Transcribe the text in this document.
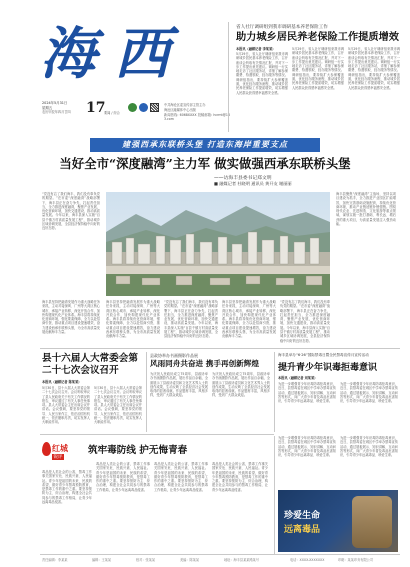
海西
2024年5月31日
星期五
农历甲辰年四月廿四	17
要闻 / 综合
中共海沧区委宣传部主管主办
海沧区融媒体中心出版
新闻热线: 6068XXXX 投稿邮箱: hcrmt@163.com
省人社厅调研组到我市调研基本养老保险工作
助力城乡居民养老保险工作提质增效
本报讯（融媒记者 李某某）
5月29日，省人社厅调研组来我市调研城乡居民基本养老保险工作，召开座谈会听取有关情况汇报，并对下一步工作提出意见建议。调研组一行实地走访了社区服务站，详细了解参保缴费、待遇领取、经办服务等情况。调研组指出，要持续扩大参保覆盖面，优化经办服务流程，推动城乡居民养老保险工作提质增效，切实增强人民群众获得感幸福感安全感。
5月29日，省人社厅调研组来我市调研城乡居民基本养老保险工作，召开座谈会听取有关情况汇报，并对下一步工作提出意见建议。调研组一行实地走访了社区服务站，详细了解参保缴费、待遇领取、经办服务等情况。调研组指出，要持续扩大参保覆盖面，优化经办服务流程，推动城乡居民养老保险工作提质增效，切实增强人民群众获得感幸福感安全感。
5月29日，省人社厅调研组来我市调研城乡居民基本养老保险工作，召开座谈会听取有关情况汇报，并对下一步工作提出意见建议。调研组一行实地走访了社区服务站，详细了解参保缴费、待遇领取、经办服务等情况。调研组指出，要持续扩大参保覆盖面，优化经办服务流程，推动城乡居民养老保险工作提质增效，切实增强人民群众获得感幸福感安全感。
建强西承东联桥头堡 打造东海岸重要支点
当好全市“深度融湾”主力军 做实做强西承东联桥头堡
——访海丰县委书记郑文明
■ 融媒记者 杜晓明 通讯员 黄开友 谢丽丽
“党没有忘了我们海丰，我们没有辜负党的期望。”在市委“深度融湾”战略部署下，海丰县正在奋力争先，扛起责任担当，全力推进深度融湾，聚焦产业发展，优化营商环境，加快交通建设，推动高质量发展。今年以来，海丰县深入实施“百县千镇万村高质量发展工程”，推动城乡区域协调发展，全县经济保持稳中向好的良好态势。
海丰县坚持把融湾发展作为重大战略任务来抓，主动对接深圳、广州等大湾区核心城市，承接产业转移，深化开放合作，加快构建现代化产业体系。海丰县将持续优化营商环境，强化要素保障，全力以赴招商引资，推动重点项目建设提速增效，奋力建设西承东联桥头堡，为全市高质量发展贡献海丰力量。
海丰县坚持把融湾发展作为重大战略任务来抓，主动对接深圳、广州等大湾区核心城市，承接产业转移，深化开放合作，加快构建现代化产业体系。海丰县将持续优化营商环境，强化要素保障，全力以赴招商引资，推动重点项目建设提速增效，奋力建设西承东联桥头堡，为全市高质量发展贡献海丰力量。
“党没有忘了我们海丰，我们没有辜负党的期望。”在市委“深度融湾”战略部署下，海丰县正在奋力争先，扛起责任担当，全力推进深度融湾，聚焦产业发展，优化营商环境，加快交通建设，推动高质量发展。今年以来，海丰县深入实施“百县千镇万村高质量发展工程”，推动城乡区域协调发展，全县经济保持稳中向好的良好态势。
海丰县坚持把融湾发展作为重大战略任务来抓，主动对接深圳、广州等大湾区核心城市，承接产业转移，深化开放合作，加快构建现代化产业体系。海丰县将持续优化营商环境，强化要素保障，全力以赴招商引资，推动重点项目建设提速增效，奋力建设西承东联桥头堡，为全市高质量发展贡献海丰力量。
“党没有忘了我们海丰，我们没有辜负党的期望。”在市委“深度融湾”战略部署下，海丰县正在奋力争先，扛起责任担当，全力推进深度融湾，聚焦产业发展，优化营商环境，加快交通建设，推动高质量发展。今年以来，海丰县深入实施“百县千镇万村高质量发展工程”，推动城乡区域协调发展，全县经济保持稳中向好的良好态势。
海丰县聚焦“深度融湾”主战场，坚持以项目建设为抓手，全力推进产业园区扩能增效，加快完善基础设施配套，持续优化营商环境，推动产业链延链补链强链。围绕现代农业、先进制造、文化旅游等重点领域，谋划实施一批打基础、利长远、增后劲的重大项目，为高质量发展注入强劲动能。
县十六届人大常委会第二十七次会议召开
本报讯（融媒记者 陈某某）
5月30日，县十六届人大常委会第二十七次会议召开。会议听取审议了县人民政府关于有关工作情况的报告，审议通过了有关人事任免事项。县人大常委会主任出席会议并讲话。会议强调，要坚持党的领导、人民当家作主、依法治国有机统一，依法履职尽责，切实发挥人大职能作用。
5月30日，县十六届人大常委会第二十七次会议召开。会议听取审议了县人民政府关于有关工作情况的报告，审议通过了有关人事任免事项。县人大常委会主任出席会议并讲话。会议强调，要坚持党的领导、人民当家作主、依法治国有机统一，依法履职尽责，切实发挥人大职能作用。
县政协举办书画摄影作品展
风雨同舟共奋进 携手再创新辉煌
为庆祝人民政协成立75周年，县政协举办书画摄影作品展，展出作品百余幅，全面展示了县政协委员和文化艺术界人士的创作成果，生动反映了全县经济社会发展取得的显著成就。作品题材丰富，风格多样，受到广大群众欢迎。
为庆祝人民政协成立75周年，县政协举办书画摄影作品展，展出作品百余幅，全面展示了县政协委员和文化艺术界人士的创作成果，生动反映了全县经济社会发展取得的显著成就。作品题材丰富，风格多样，受到广大群众欢迎。
海丰县举办“6·26”国际禁毒日暨全民禁毒宣传月宣传活动
提升青少年识毒拒毒意识
本报讯（融媒记者 刘某某）
为进一步增强青少年识毒防毒拒毒意识，近日，县禁毒委在城区中学举办禁毒宣传活动，通过展板展示、知识讲解、互动问答等形式，向广大青少年普及毒品危害知识，引导青少年远离毒品、珍爱生命。
为进一步增强青少年识毒防毒拒毒意识，近日，县禁毒委在城区中学举办禁毒宣传活动，通过展板展示、知识讲解、互动问答等形式，向广大青少年普及毒品危害知识，引导青少年远离毒品、珍爱生命。
红城
锐评
筑牢毒防线 护无悔青春
毒品是人类社会的公害，禁毒工作事关国家安危、民族兴衰、人民福祉。青少年是祖国的未来、民族的希望，做好青少年禁毒预防教育，是禁毒工作的重中之重。要坚持预防为主、综合治理，构建全社会共同参与的禁毒工作格局，让青少年远离毒品侵害。
毒品是人类社会的公害，禁毒工作事关国家安危、民族兴衰、人民福祉。青少年是祖国的未来、民族的希望，做好青少年禁毒预防教育，是禁毒工作的重中之重。要坚持预防为主、综合治理，构建全社会共同参与的禁毒工作格局，让青少年远离毒品侵害。
毒品是人类社会的公害，禁毒工作事关国家安危、民族兴衰、人民福祉。青少年是祖国的未来、民族的希望，做好青少年禁毒预防教育，是禁毒工作的重中之重。要坚持预防为主、综合治理，构建全社会共同参与的禁毒工作格局，让青少年远离毒品侵害。
毒品是人类社会的公害，禁毒工作事关国家安危、民族兴衰、人民福祉。青少年是祖国的未来、民族的希望，做好青少年禁毒预防教育，是禁毒工作的重中之重。要坚持预防为主、综合治理，构建全社会共同参与的禁毒工作格局，让青少年远离毒品侵害。
为进一步增强青少年识毒防毒拒毒意识，近日，县禁毒委在城区中学举办禁毒宣传活动，通过展板展示、知识讲解、互动问答等形式，向广大青少年普及毒品危害知识，引导青少年远离毒品、珍爱生命。
为进一步增强青少年识毒防毒拒毒意识，近日，县禁毒委在城区中学举办禁毒宣传活动，通过展板展示、知识讲解、互动问答等形式，向广大青少年普及毒品危害知识，引导青少年远离毒品、珍爱生命。
珍爱生命
远离毒品
责任编辑：李某某	编辑：王某某	校对：张某某	美编：陈某某	地址：海丰县某某路某号	电话：XXXX-XXXXXXX	印刷：某某印务有限公司
